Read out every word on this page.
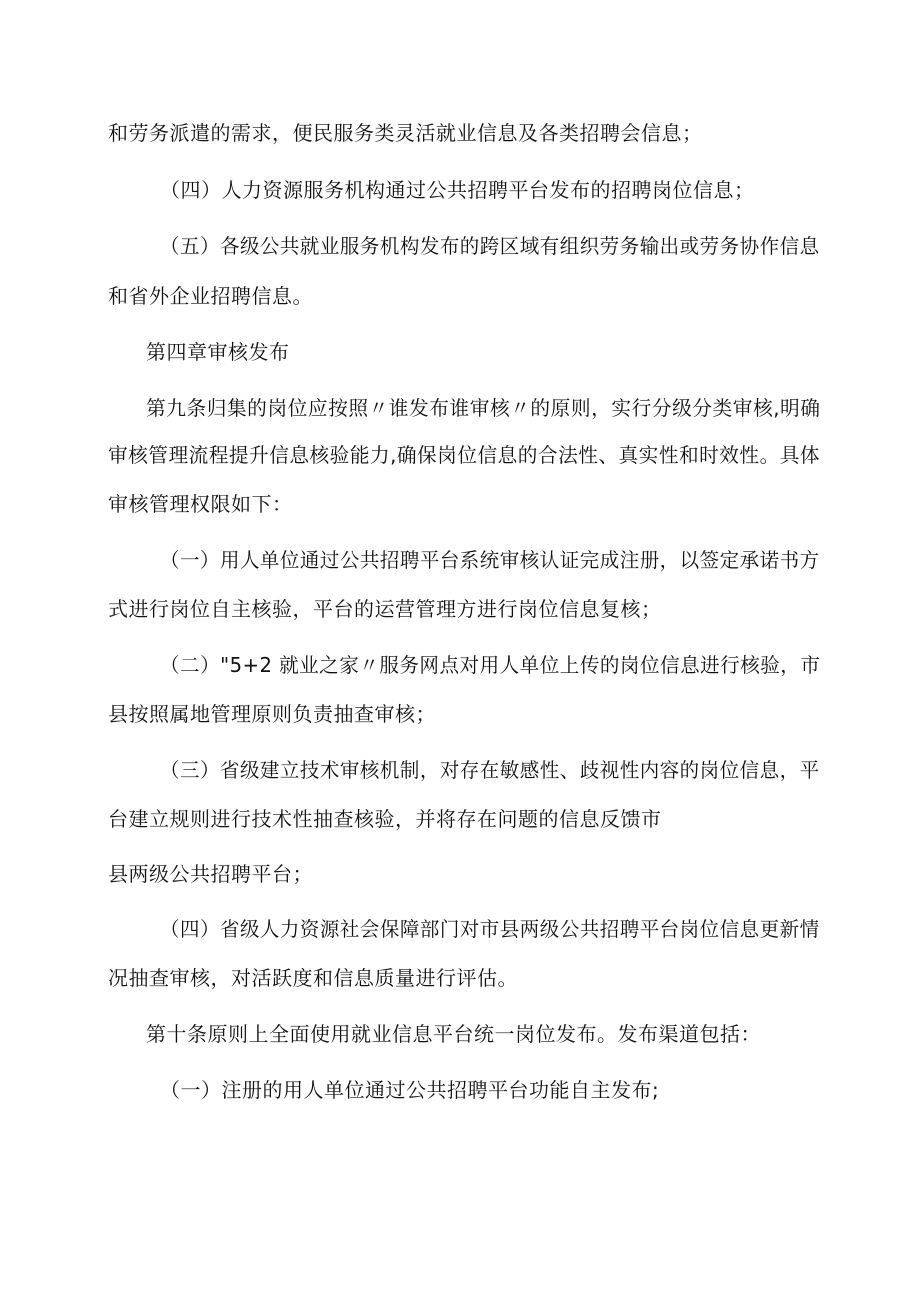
和劳务派遣的需求，便民服务类灵活就业信息及各类招聘会信息；
（四）人力资源服务机构通过公共招聘平台发布的招聘岗位信息；
（五）各级公共就业服务机构发布的跨区域有组织劳务输出或劳务协作信息
和省外企业招聘信息。
第四章审核发布
第九条归集的岗位应按照〃谁发布谁审核〃的原则，实行分级分类审核,明确
审核管理流程提升信息核验能力,确保岗位信息的合法性、真实性和时效性。具体
审核管理权限如下：
（一）用人单位通过公共招聘平台系统审核认证完成注册，以签定承诺书方
式进行岗位自主核验，平台的运营管理方进行岗位信息复核；
（二）"5+2 就业之家〃服务网点对用人单位上传的岗位信息进行核验，市
县按照属地管理原则负责抽查审核；
（三）省级建立技术审核机制，对存在敏感性、歧视性内容的岗位信息，平
台建立规则进行技术性抽查核验，并将存在问题的信息反馈市
县两级公共招聘平台；
（四）省级人力资源社会保障部门对市县两级公共招聘平台岗位信息更新情
况抽查审核，对活跃度和信息质量进行评估。
第十条原则上全面使用就业信息平台统一岗位发布。发布渠道包括：
（一）注册的用人单位通过公共招聘平台功能自主发布;
